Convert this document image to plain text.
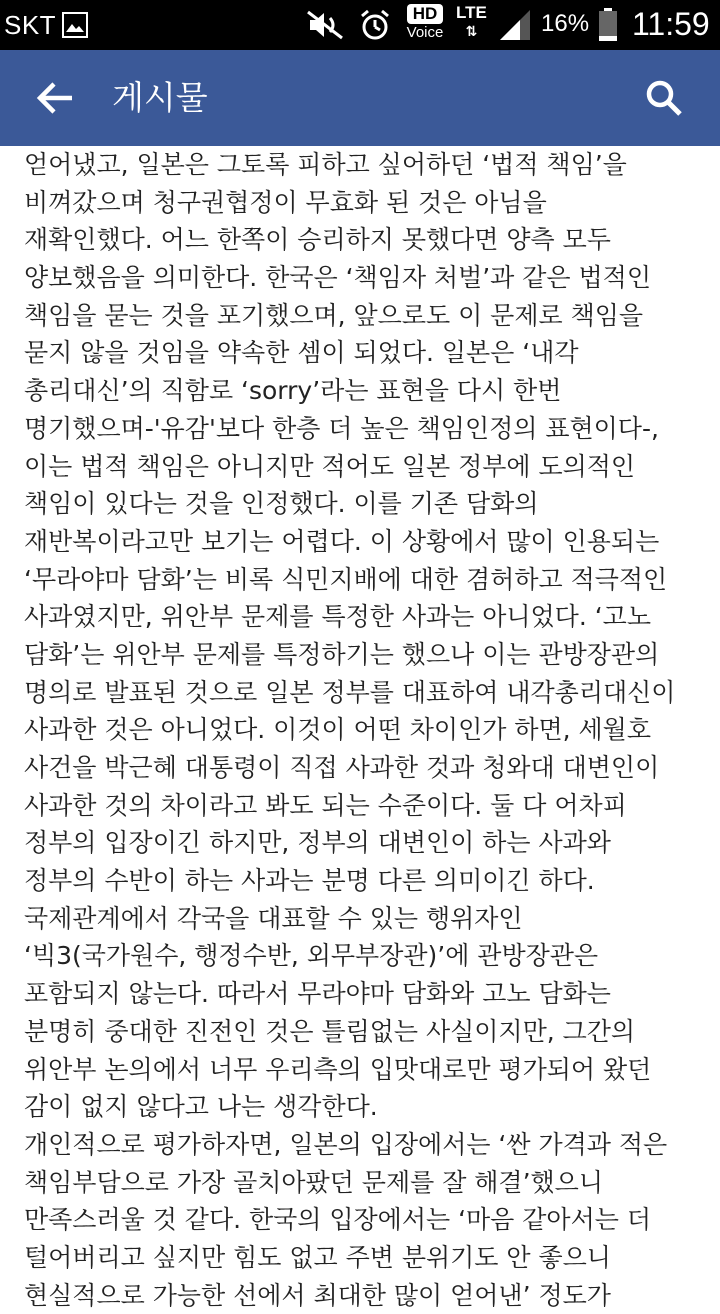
SKT	HD
Voice
LTE
⇅	16% 11:59
게시물
얻어냈고, 일본은 그토록 피하고 싶어하던 ‘법적 책임’을
비껴갔으며 청구권협정이 무효화 된 것은 아님을
재확인했다. 어느 한쪽이 승리하지 못했다면 양측 모두
양보했음을 의미한다. 한국은 ‘책임자 처벌’과 같은 법적인
책임을 묻는 것을 포기했으며, 앞으로도 이 문제로 책임을
묻지 않을 것임을 약속한 셈이 되었다. 일본은 ‘내각
총리대신’의 직함로 ‘sorry’라는 표현을 다시 한번
명기했으며-'유감'보다 한층 더 높은 책임인정의 표현이다-,
이는 법적 책임은 아니지만 적어도 일본 정부에 도의적인
책임이 있다는 것을 인정했다. 이를 기존 담화의
재반복이라고만 보기는 어렵다. 이 상황에서 많이 인용되는
‘무라야마 담화’는 비록 식민지배에 대한 겸허하고 적극적인
사과였지만, 위안부 문제를 특정한 사과는 아니었다. ‘고노
담화’는 위안부 문제를 특정하기는 했으나 이는 관방장관의
명의로 발표된 것으로 일본 정부를 대표하여 내각총리대신이
사과한 것은 아니었다. 이것이 어떤 차이인가 하면, 세월호
사건을 박근혜 대통령이 직접 사과한 것과 청와대 대변인이
사과한 것의 차이라고 봐도 되는 수준이다. 둘 다 어차피
정부의 입장이긴 하지만, 정부의 대변인이 하는 사과와
정부의 수반이 하는 사과는 분명 다른 의미이긴 하다.
국제관계에서 각국을 대표할 수 있는 행위자인
‘빅3(국가원수, 행정수반, 외무부장관)’에 관방장관은
포함되지 않는다. 따라서 무라야마 담화와 고노 담화는
분명히 중대한 진전인 것은 틀림없는 사실이지만, 그간의
위안부 논의에서 너무 우리측의 입맛대로만 평가되어 왔던
감이 없지 않다고 나는 생각한다.
개인적으로 평가하자면, 일본의 입장에서는 ‘싼 가격과 적은
책임부담으로 가장 골치아팠던 문제를 잘 해결’했으니
만족스러울 것 같다. 한국의 입장에서는 ‘마음 같아서는 더
털어버리고 싶지만 힘도 없고 주변 분위기도 안 좋으니
현실적으로 가능한 선에서 최대한 많이 얻어낸’ 정도가
